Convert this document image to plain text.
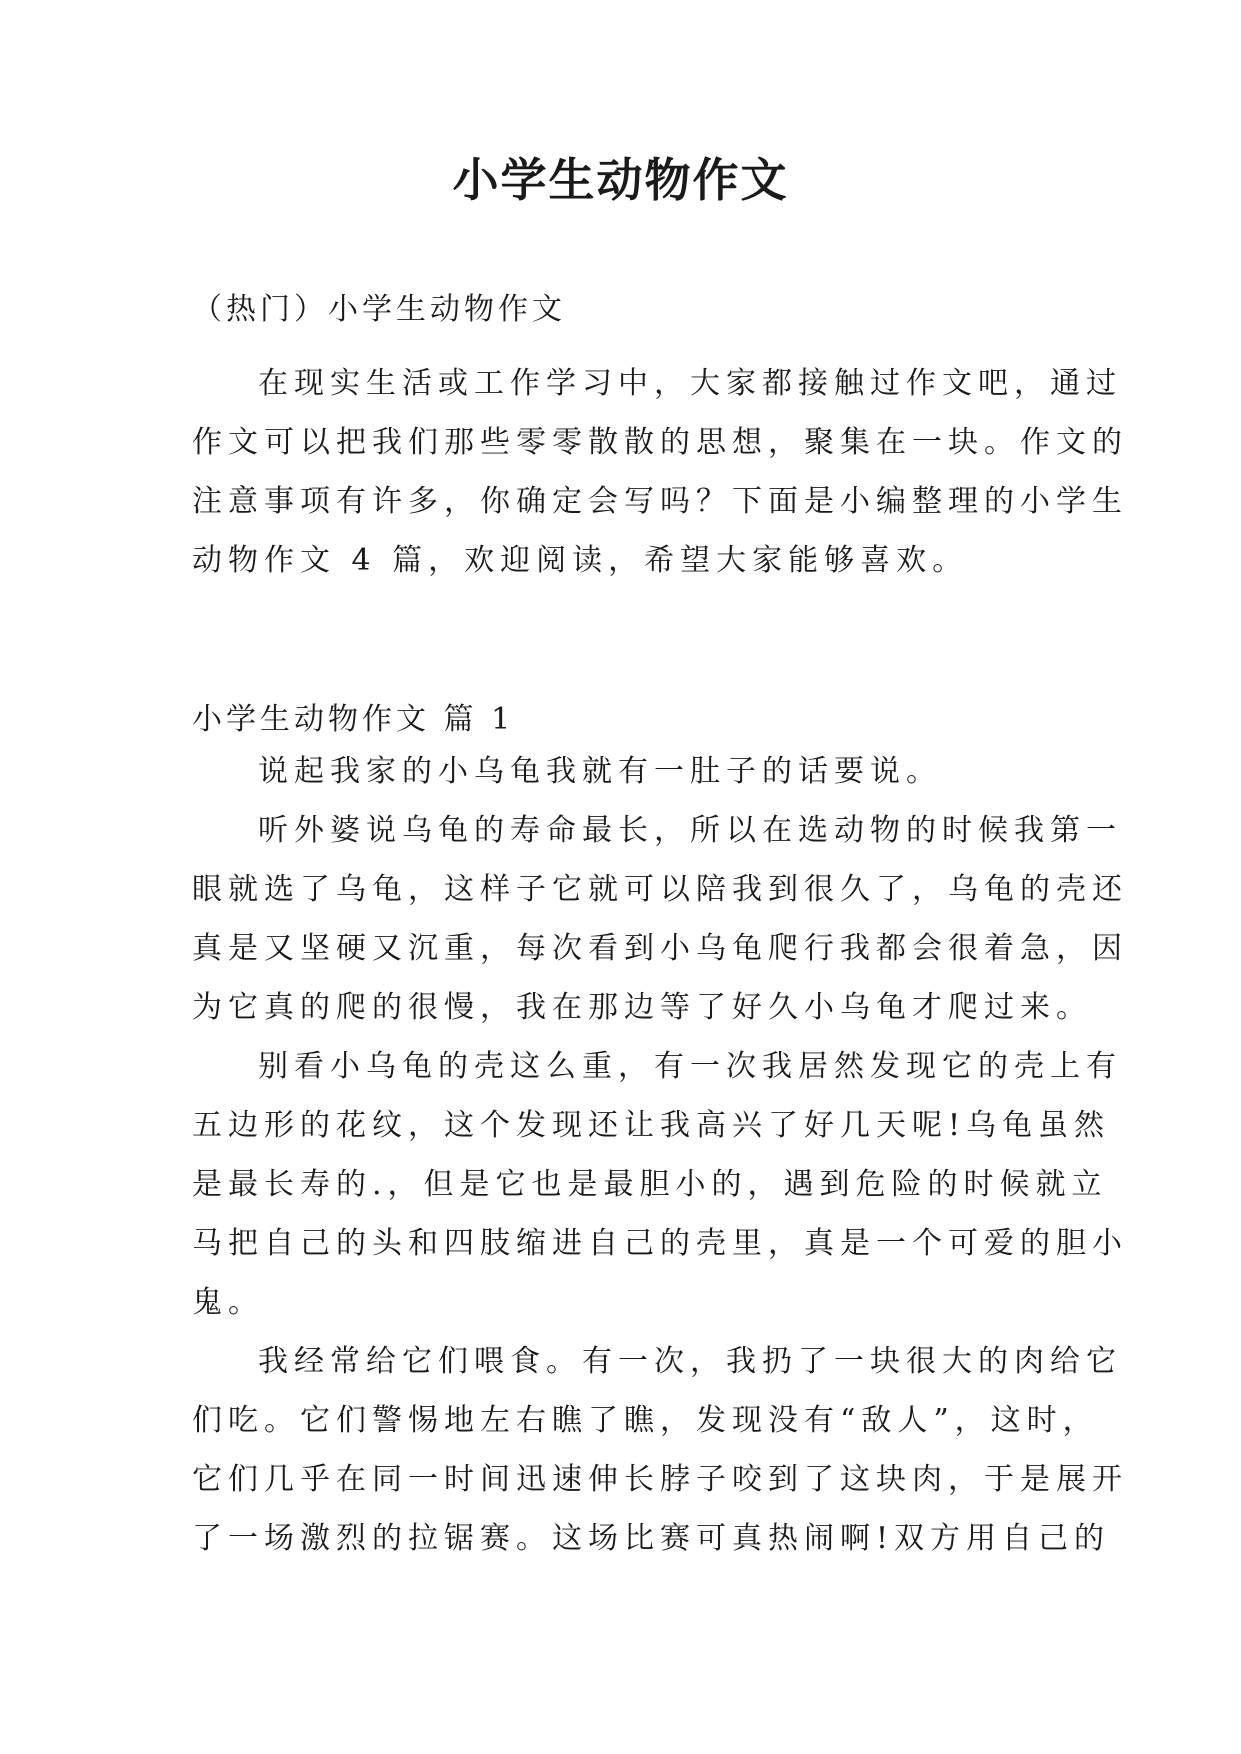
小学生动物作文
（热门）小学生动物作文
在现实生活或工作学习中，大家都接触过作文吧，通过
作文可以把我们那些零零散散的思想，聚集在一块。作文的
注意事项有许多，你确定会写吗？下面是小编整理的小学生
动物作文 4 篇，欢迎阅读，希望大家能够喜欢。
小学生动物作文 篇 1
说起我家的小乌龟我就有一肚子的话要说。
听外婆说乌龟的寿命最长，所以在选动物的时候我第一
眼就选了乌龟，这样子它就可以陪我到很久了，乌龟的壳还
真是又坚硬又沉重，每次看到小乌龟爬行我都会很着急，因
为它真的爬的很慢，我在那边等了好久小乌龟才爬过来。
别看小乌龟的壳这么重，有一次我居然发现它的壳上有
五边形的花纹，这个发现还让我高兴了好几天呢!乌龟虽然
是最长寿的.，但是它也是最胆小的，遇到危险的时候就立
马把自己的头和四肢缩进自己的壳里，真是一个可爱的胆小
鬼。
我经常给它们喂食。有一次，我扔了一块很大的肉给它
们吃。它们警惕地左右瞧了瞧，发现没有“敌人”，这时，
它们几乎在同一时间迅速伸长脖子咬到了这块肉，于是展开
了一场激烈的拉锯赛。这场比赛可真热闹啊!双方用自己的
